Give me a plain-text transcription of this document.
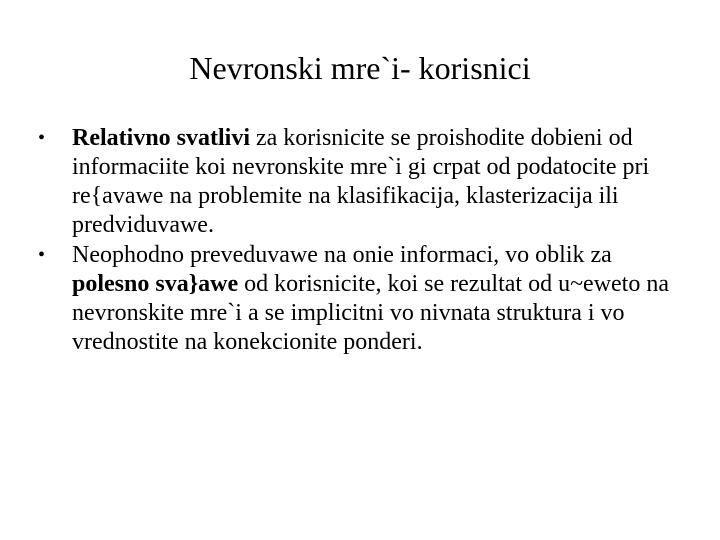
Nevronski mre`i- korisnici
• Relativno svatlivi za korisnicite se proishodite dobieni od informaciite koi nevronskite mre`i gi crpat od podatocite pri re{avawe na problemite na klasifikacija, klasterizacija ili predviduvawe.
• Neophodno preveduvawe na onie informaci, vo oblik za polesno sva}awe od korisnicite, koi se rezultat od u~eweto na nevronskite mre`i a se implicitni vo nivnata struktura i vo vrednostite na konekcionite ponderi.
